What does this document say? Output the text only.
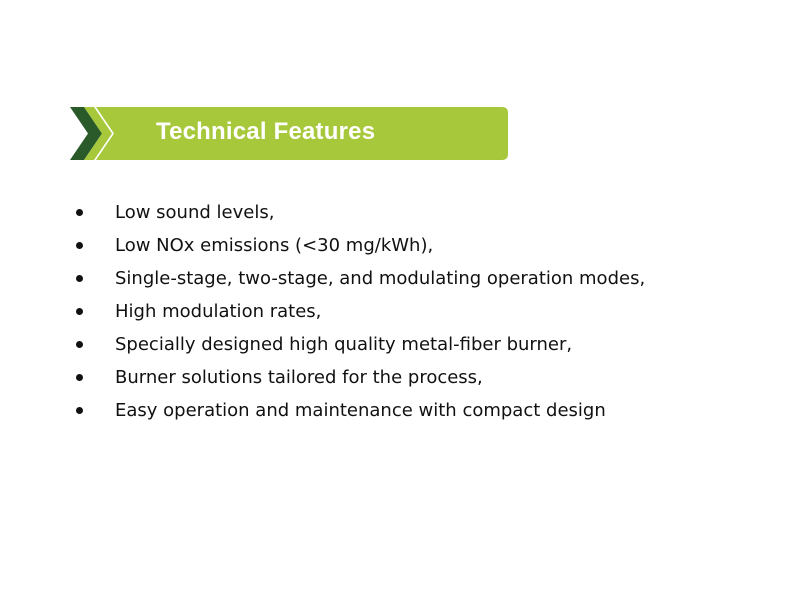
Technical Features
Low sound levels,
Low NOx emissions (<30 mg/kWh),
Single-stage, two-stage, and modulating operation modes,
High modulation rates,
Specially designed high quality metal-fiber burner,
Burner solutions tailored for the process,
Easy operation and maintenance with compact design
